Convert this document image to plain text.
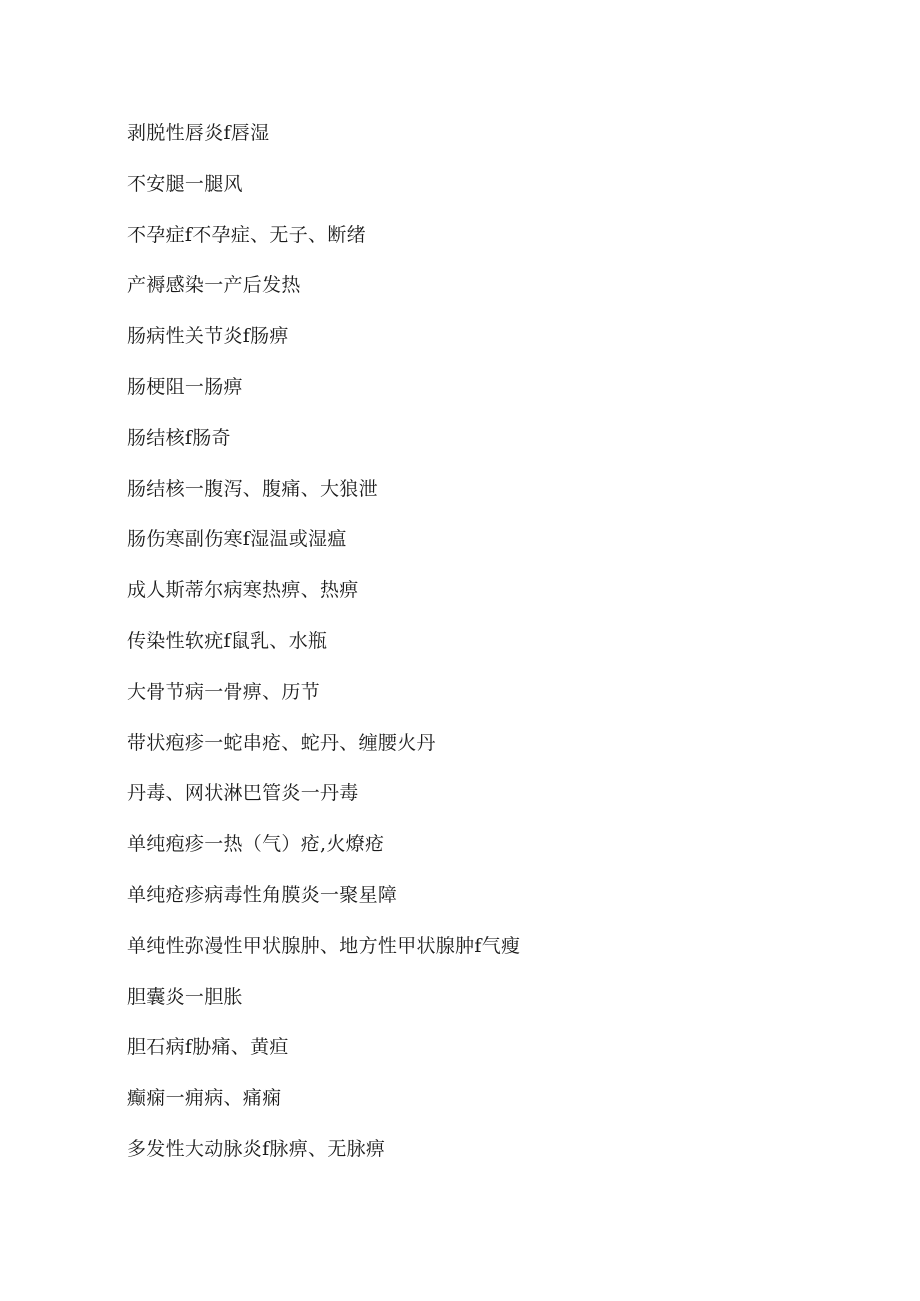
剥脱性唇炎f唇湿
不安腿一腿风
不孕症f不孕症、无子、断绪
产褥感染一产后发热
肠病性关节炎f肠痹
肠梗阻一肠痹
肠结核f肠奇
肠结核一腹泻、腹痛、大狼泄
肠伤寒副伤寒f湿温或湿瘟
成人斯蒂尔病寒热痹、热痹
传染性软疣f鼠乳、水瓶
大骨节病一骨痹、历节
带状疱疹一蛇串疮、蛇丹、缠腰火丹
丹毒、网状淋巴管炎一丹毒
单纯疱疹一热（气）疮,火燎疮
单纯疮疹病毒性角膜炎一聚星障
单纯性弥漫性甲状腺肿、地方性甲状腺肿f气瘦
胆囊炎一胆胀
胆石病f胁痛、黄疸
癫痫一痈病、痛痫
多发性大动脉炎f脉痹、无脉痹
